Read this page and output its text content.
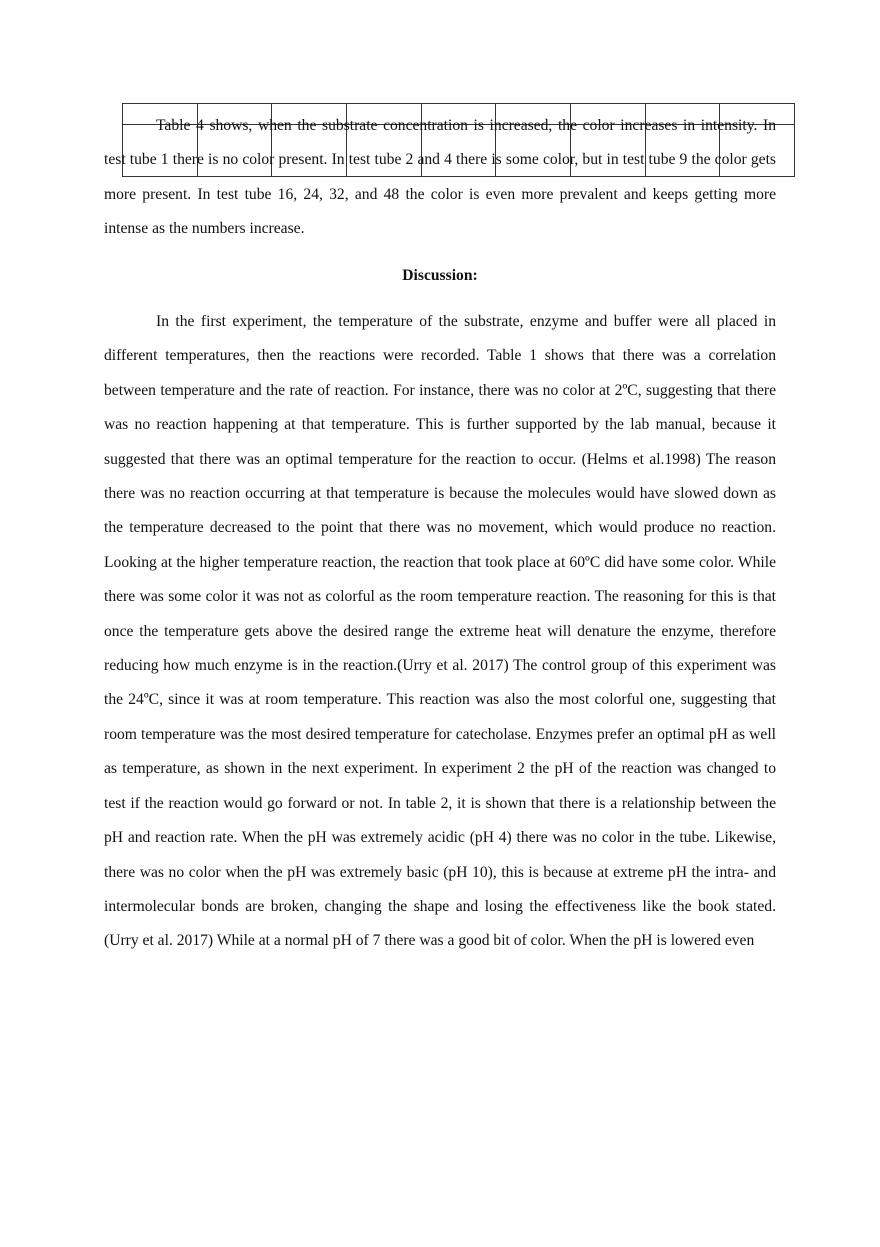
Table 4 shows, when the substrate concentration is increased, the color increases in intensity. In test tube 1 there is no color present. In test tube 2 and 4 there is some color, but in test tube 9 the color gets more present. In test tube 16, 24, 32, and 48 the color is even more prevalent and keeps getting more intense as the numbers increase.

Discussion:

In the first experiment, the temperature of the substrate, enzyme and buffer were all placed in different temperatures, then the reactions were recorded. Table 1 shows that there was a correlation between temperature and the rate of reaction. For instance, there was no color at 2ºC, suggesting that there was no reaction happening at that temperature. This is further supported by the lab manual, because it suggested that there was an optimal temperature for the reaction to occur. (Helms et al.1998) The reason there was no reaction occurring at that temperature is because the molecules would have slowed down as the temperature decreased to the point that there was no movement, which would produce no reaction. Looking at the higher temperature reaction, the reaction that took place at 60ºC did have some color. While there was some color it was not as colorful as the room temperature reaction. The reasoning for this is that once the temperature gets above the desired range the extreme heat will denature the enzyme, therefore reducing how much enzyme is in the reaction.(Urry et al. 2017) The control group of this experiment was the 24ºC, since it was at room temperature. This reaction was also the most colorful one, suggesting that room temperature was the most desired temperature for catecholase. Enzymes prefer an optimal pH as well as temperature, as shown in the next experiment. In experiment 2 the pH of the reaction was changed to test if the reaction would go forward or not. In table 2, it is shown that there is a relationship between the pH and reaction rate. When the pH was extremely acidic (pH 4) there was no color in the tube. Likewise, there was no color when the pH was extremely basic (pH 10), this is because at extreme pH the intra- and intermolecular bonds are broken, changing the shape and losing the effectiveness like the book stated. (Urry et al. 2017) While at a normal pH of 7 there was a good bit of color. When the pH is lowered even
